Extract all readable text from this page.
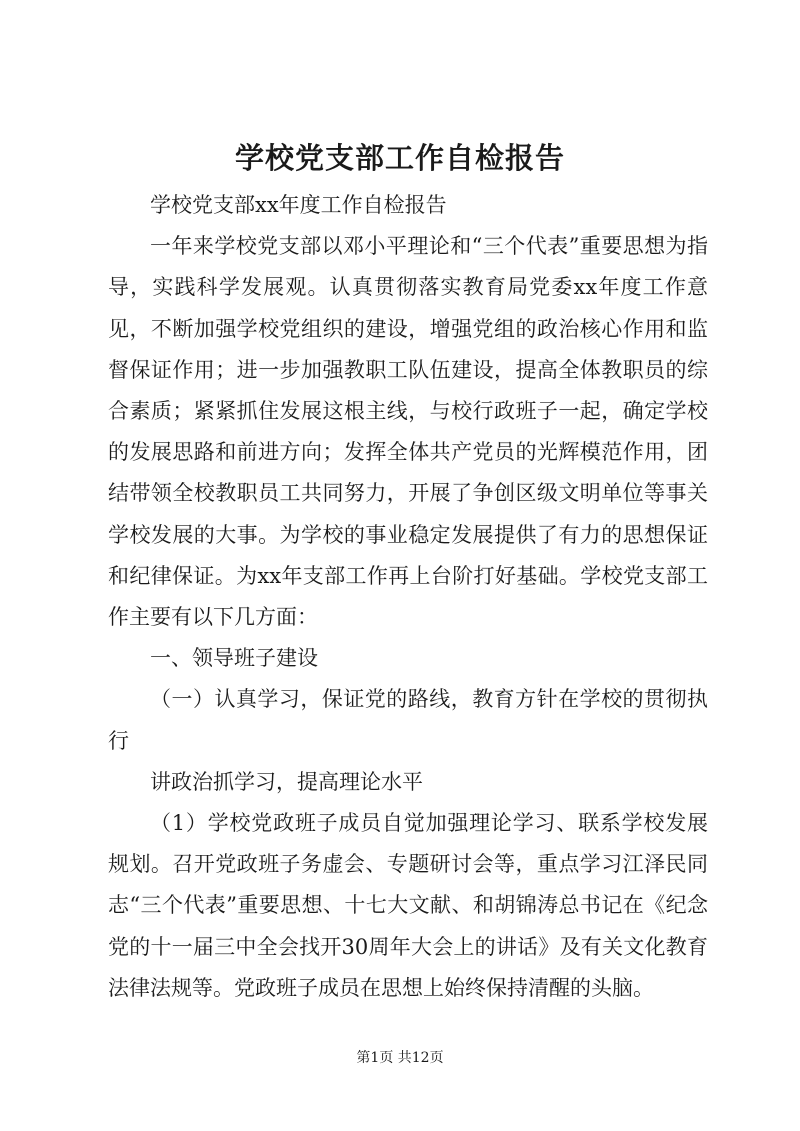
学校党支部工作自检报告

学校党支部xx年度工作自检报告

一年来学校党支部以邓小平理论和“三个代表”重要思想为指导，实践科学发展观。认真贯彻落实教育局党委xx年度工作意见，不断加强学校党组织的建设，增强党组的政治核心作用和监督保证作用；进一步加强教职工队伍建设，提高全体教职员的综合素质；紧紧抓住发展这根主线，与校行政班子一起，确定学校的发展思路和前进方向；发挥全体共产党员的光辉模范作用，团结带领全校教职员工共同努力，开展了争创区级文明单位等事关学校发展的大事。为学校的事业稳定发展提供了有力的思想保证和纪律保证。为xx年支部工作再上台阶打好基础。学校党支部工作主要有以下几方面：

一、领导班子建设

（一）认真学习，保证党的路线，教育方针在学校的贯彻执行

讲政治抓学习，提高理论水平

（1）学校党政班子成员自觉加强理论学习、联系学校发展规划。召开党政班子务虚会、专题研讨会等，重点学习江泽民同志“三个代表”重要思想、十七大文献、和胡锦涛总书记在《纪念党的十一届三中全会找开30周年大会上的讲话》及有关文化教育法律法规等。党政班子成员在思想上始终保持清醒的头脑。

第1页 共12页
